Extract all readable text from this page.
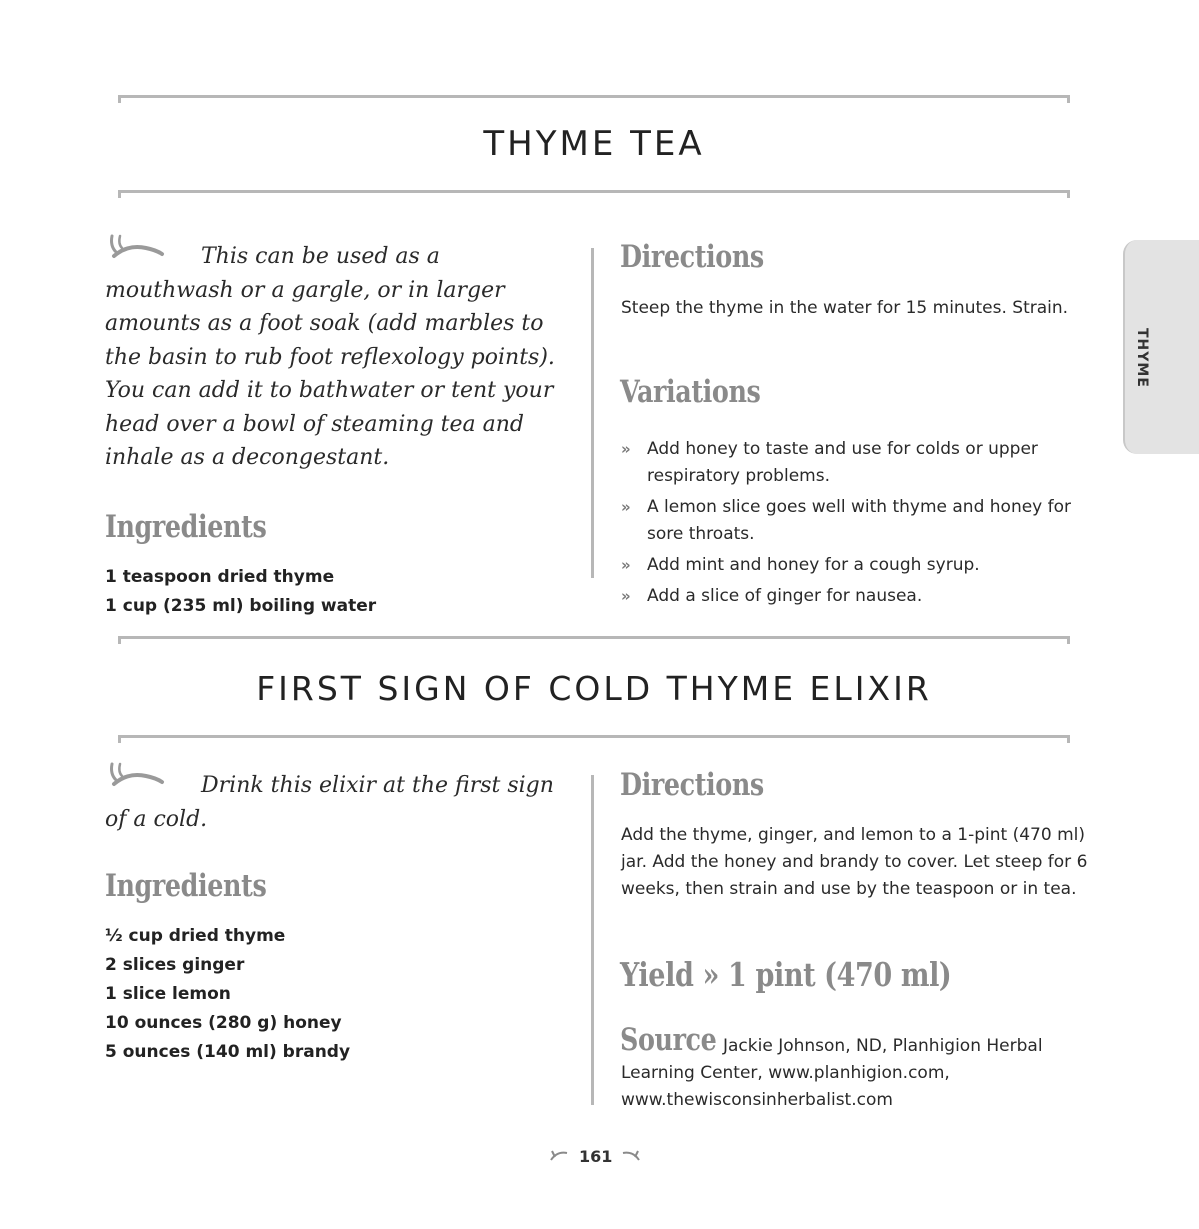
THYME
THYME TEA

This can be used as a mouthwash or a gargle, or in larger amounts as a foot soak (add marbles to the basin to rub foot reflexology points). You can add it to bathwater or tent your head over a bowl of steaming tea and inhale as a decongestant.

Ingredients
1 teaspoon dried thyme
1 cup (235 ml) boiling water
Directions

Steep the thyme in the water for 15 minutes. Strain.

Variations
» Add honey to taste and use for colds or upper respiratory problems.
» A lemon slice goes well with thyme and honey for sore throats.
» Add mint and honey for a cough syrup.
» Add a slice of ginger for nausea.
FIRST SIGN OF COLD THYME ELIXIR

Drink this elixir at the first sign of a cold.

Ingredients
½ cup dried thyme
2 slices ginger
1 slice lemon
10 ounces (280 g) honey
5 ounces (140 ml) brandy
Directions

Add the thyme, ginger, and lemon to a 1-pint (470 ml) jar. Add the honey and brandy to cover. Let steep for 6 weeks, then strain and use by the teaspoon or in tea.

Yield » 1 pint (470 ml)
Source Jackie Johnson, ND, Planhigion Herbal Learning Center, www.planhigion.com, www.thewisconsinherbalist.com

161
